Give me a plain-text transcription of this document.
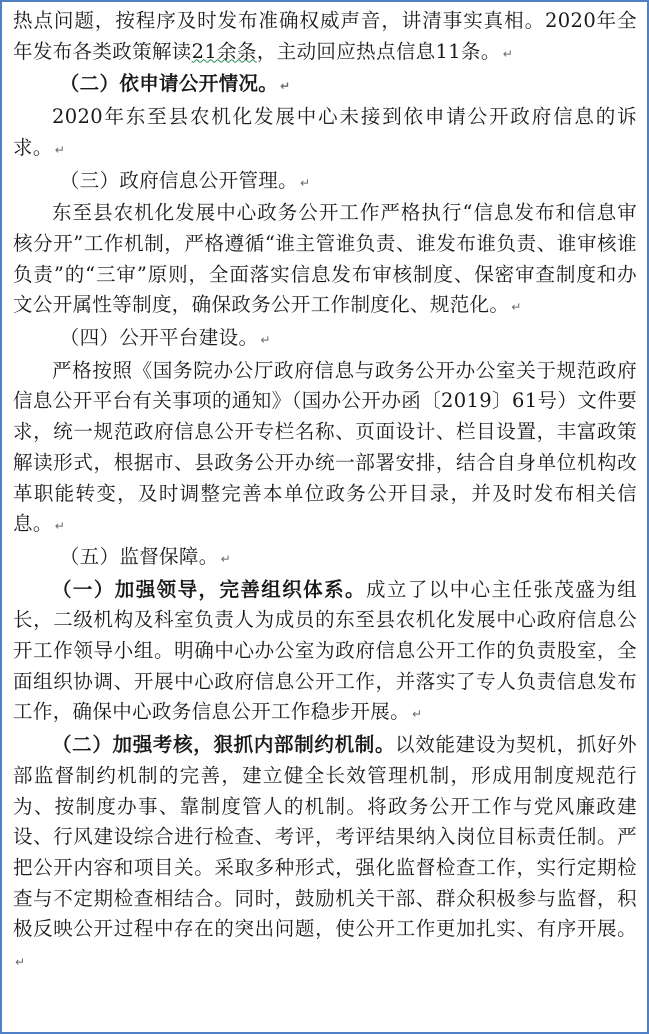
热点问题，按程序及时发布准确权威声音，讲清事实真相。2020年全年发布各类政策解读21余条，主动回应热点信息11条。 ↵

（二）依申请公开情况。 ↵

2020年东至县农机化发展中心未接到依申请公开政府信息的诉求。 ↵

（三）政府信息公开管理。 ↵

东至县农机化发展中心政务公开工作严格执行“信息发布和信息审核分开”工作机制，严格遵循“谁主管谁负责、谁发布谁负责、谁审核谁负责”的“三审”原则，全面落实信息发布审核制度、保密审查制度和办文公开属性等制度，确保政务公开工作制度化、规范化。 ↵

（四）公开平台建设。 ↵

严格按照《国务院办公厅政府信息与政务公开办公室关于规范政府信息公开平台有关事项的通知》（国办公开办函〔2019〕61号）文件要求，统一规范政府信息公开专栏名称、页面设计、栏目设置，丰富政策解读形式，根据市、县政务公开办统一部署安排，结合自身单位机构改革职能转变，及时调整完善本单位政务公开目录，并及时发布相关信息。 ↵

（五）监督保障。 ↵

（一）加强领导，完善组织体系。成立了以中心主任张茂盛为组长，二级机构及科室负责人为成员的东至县农机化发展中心政府信息公开工作领导小组。明确中心办公室为政府信息公开工作的负责股室，全面组织协调、开展中心政府信息公开工作，并落实了专人负责信息发布工作，确保中心政务信息公开工作稳步开展。 ↵

（二）加强考核，狠抓内部制约机制。以效能建设为契机，抓好外部监督制约机制的完善，建立健全长效管理机制，形成用制度规范行为、按制度办事、靠制度管人的机制。将政务公开工作与党风廉政建设、行风建设综合进行检查、考评，考评结果纳入岗位目标责任制。严把公开内容和项目关。采取多种形式，强化监督检查工作，实行定期检查与不定期检查相结合。同时，鼓励机关干部、群众积极参与监督，积极反映公开过程中存在的突出问题，使公开工作更加扎实、有序开展。↵
